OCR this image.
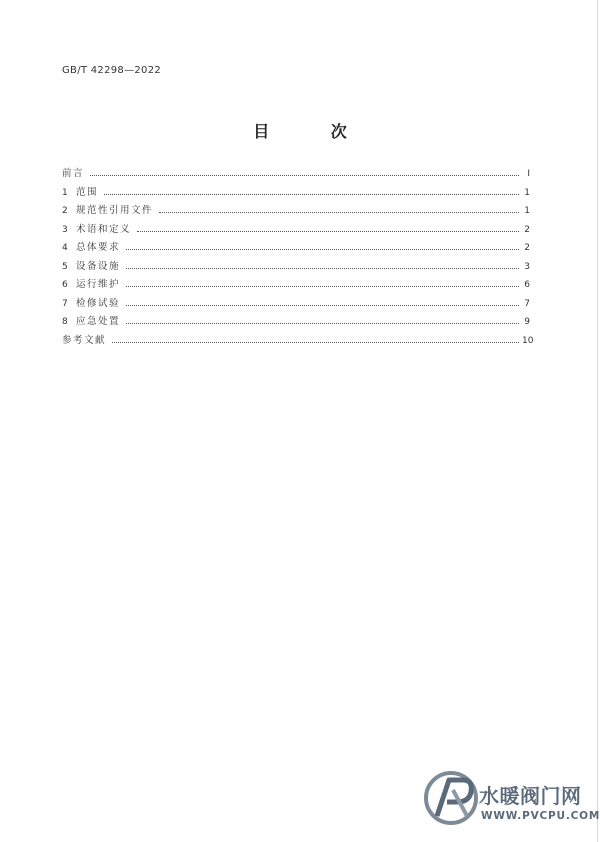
GB/T 42298—2022
目 次
前言	Ⅰ
1 范围	1
2 规范性引用文件	1
3 术语和定义	2
4 总体要求	2
5 设备设施	3
6 运行维护	6
7 检修试验	7
8 应急处置	9
参考文献	10
水暖阀门网
WWW.PVCPU.COM
